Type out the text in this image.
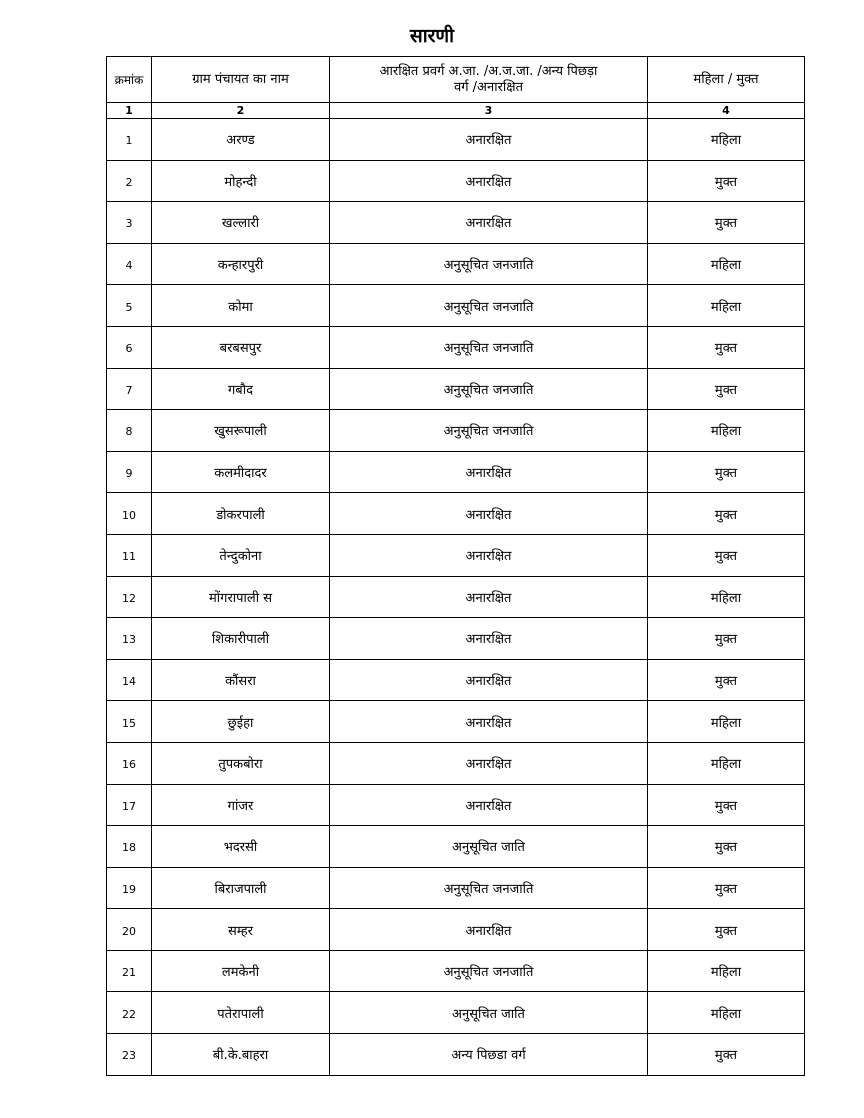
सारणी
क्रमांक	ग्राम पंचायत का नाम	आरक्षित प्रवर्ग अ.जा. /अ.ज.जा. /अन्य पिछड़ा
वर्ग /अनारक्षित	महिला / मुक्त
1	2	3	4
1	अरण्ड	अनारक्षित	महिला
2	मोहन्दी	अनारक्षित	मुक्त
3	खल्लारी	अनारक्षित	मुक्त
4	कन्हारपुरी	अनुसूचित जनजाति	महिला
5	कोमा	अनुसूचित जनजाति	महिला
6	बरबसपुर	अनुसूचित जनजाति	मुक्त
7	गबौद	अनुसूचित जनजाति	मुक्त
8	खुसरूपाली	अनुसूचित जनजाति	महिला
9	कलमीदादर	अनारक्षित	मुक्त
10	डोकरपाली	अनारक्षित	मुक्त
11	तेन्दुकोना	अनारक्षित	मुक्त
12	मोंगरापाली स	अनारक्षित	महिला
13	शिकारीपाली	अनारक्षित	मुक्त
14	कौंसरा	अनारक्षित	मुक्त
15	छुईहा	अनारक्षित	महिला
16	तुपकबोरा	अनारक्षित	महिला
17	गांजर	अनारक्षित	मुक्त
18	भदरसी	अनुसूचित जाति	मुक्त
19	बिराजपाली	अनुसूचित जनजाति	मुक्त
20	सम्हर	अनारक्षित	मुक्त
21	लमकेनी	अनुसूचित जनजाति	महिला
22	पतेरापाली	अनुसूचित जाति	महिला
23	बी.के.बाहरा	अन्य पिछडा वर्ग	मुक्त
